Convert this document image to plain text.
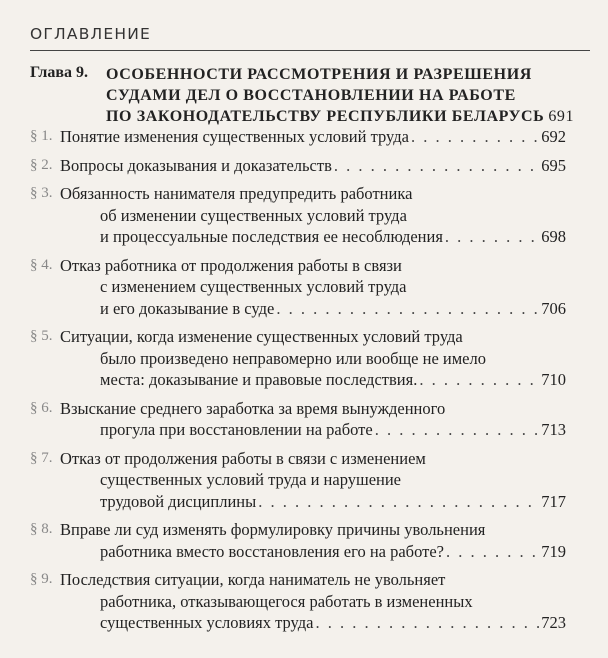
ОГЛАВЛЕНИЕ
Глава 9. ОСОБЕННОСТИ РАССМОТРЕНИЯ И РАЗРЕШЕНИЯ
СУДАМИ ДЕЛ О ВОССТАНОВЛЕНИИ НА РАБОТЕ
ПО ЗАКОНОДАТЕЛЬСТВУ РЕСПУБЛИКИ БЕЛАРУСЬ 691
§ 1. Понятие изменения существенных условий труда . . .	692
§ 2. Вопросы доказывания и доказательств . . .	695
§ 3. Обязанность нанимателя предупредить работника
об изменении существенных условий труда
и процессуальные последствия ее несоблюдения . . .	698
§ 4. Отказ работника от продолжения работы в связи
с изменением существенных условий труда
и его доказывание в суде . . .	706
§ 5. Ситуации, когда изменение существенных условий труда
было произведено неправомерно или вообще не имело
места: доказывание и правовые последствия. . . .	710
§ 6. Взыскание среднего заработка за время вынужденного
прогула при восстановлении на работе . . .	713
§ 7. Отказ от продолжения работы в связи с изменением
существенных условий труда и нарушение
трудовой дисциплины . . .	717
§ 8. Вправе ли суд изменять формулировку причины увольнения
работника вместо восстановления его на работе? . . .	719
§ 9. Последствия ситуации, когда наниматель не увольняет
работника, отказывающегося работать в измененных
существенных условиях труда . . .	723
